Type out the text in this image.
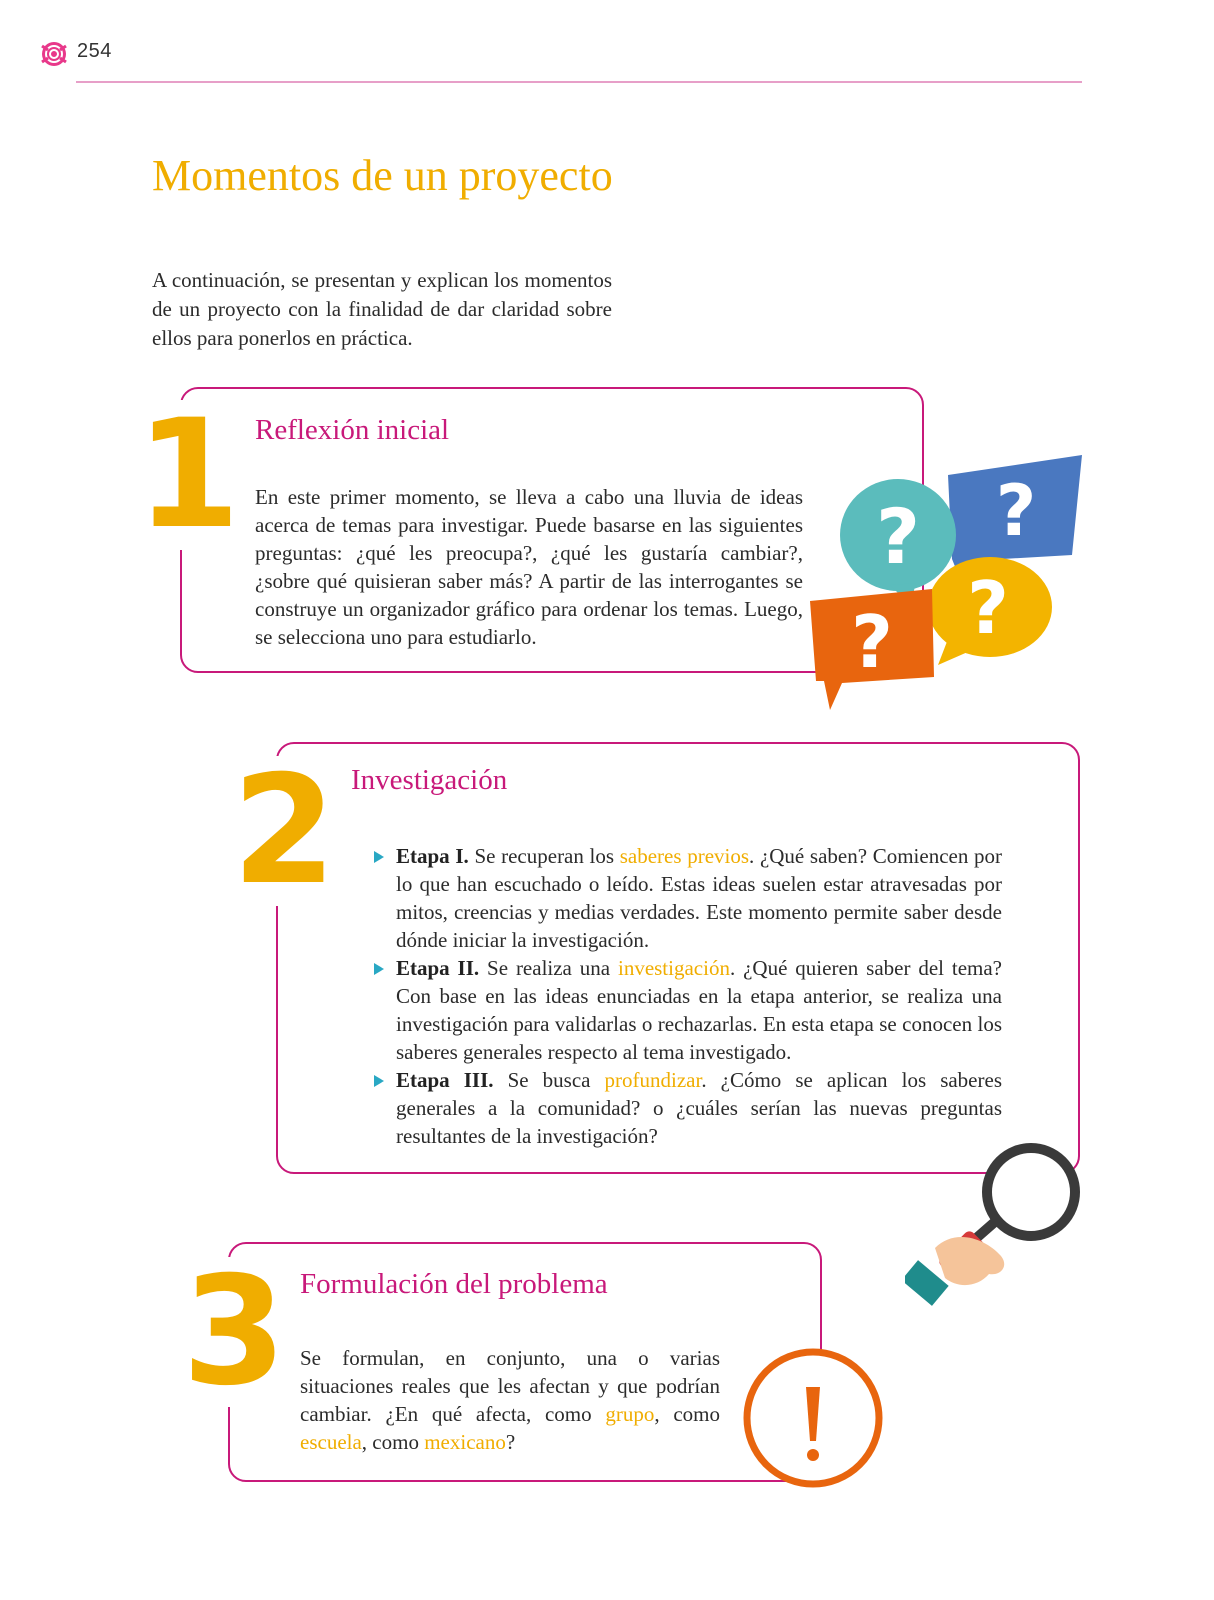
254
Momentos de un proyecto

A continuación, se presentan y explican los momentos de un proyecto con la finalidad de dar claridad sobre ellos para ponerlos en práctica.

1 Reflexión inicial

En este primer momento, se lleva a cabo una lluvia de ideas acerca de temas para investigar. Puede basarse en las siguientes preguntas: ¿qué les preocupa?, ¿qué les gustaría cambiar?, ¿sobre qué quisieran saber más? A partir de las interrogantes se construye un organizador gráfico para ordenar los temas. Luego, se selecciona uno para estudiarlo.

?
?
?
?
2 Investigación
Etapa I. Se recuperan los saberes previos. ¿Qué saben? Comiencen por lo que han escuchado o leído. Estas ideas suelen estar atravesadas por mitos, creencias y medias verdades. Este momento permite saber desde dónde iniciar la investigación.
Etapa II. Se realiza una investigación. ¿Qué quieren saber del tema? Con base en las ideas enunciadas en la etapa anterior, se realiza una investigación para validarlas o rechazarlas. En esta etapa se conocen los saberes generales respecto al tema investigado.
Etapa III. Se busca profundizar. ¿Cómo se aplican los saberes generales a la comunidad? o ¿cuáles serían las nuevas preguntas resultantes de la investigación?
3 Formulación del problema

Se formulan, en conjunto, una o varias situaciones reales que les afectan y que podrían cambiar. ¿En qué afecta, como grupo, como escuela, como mexicano?
